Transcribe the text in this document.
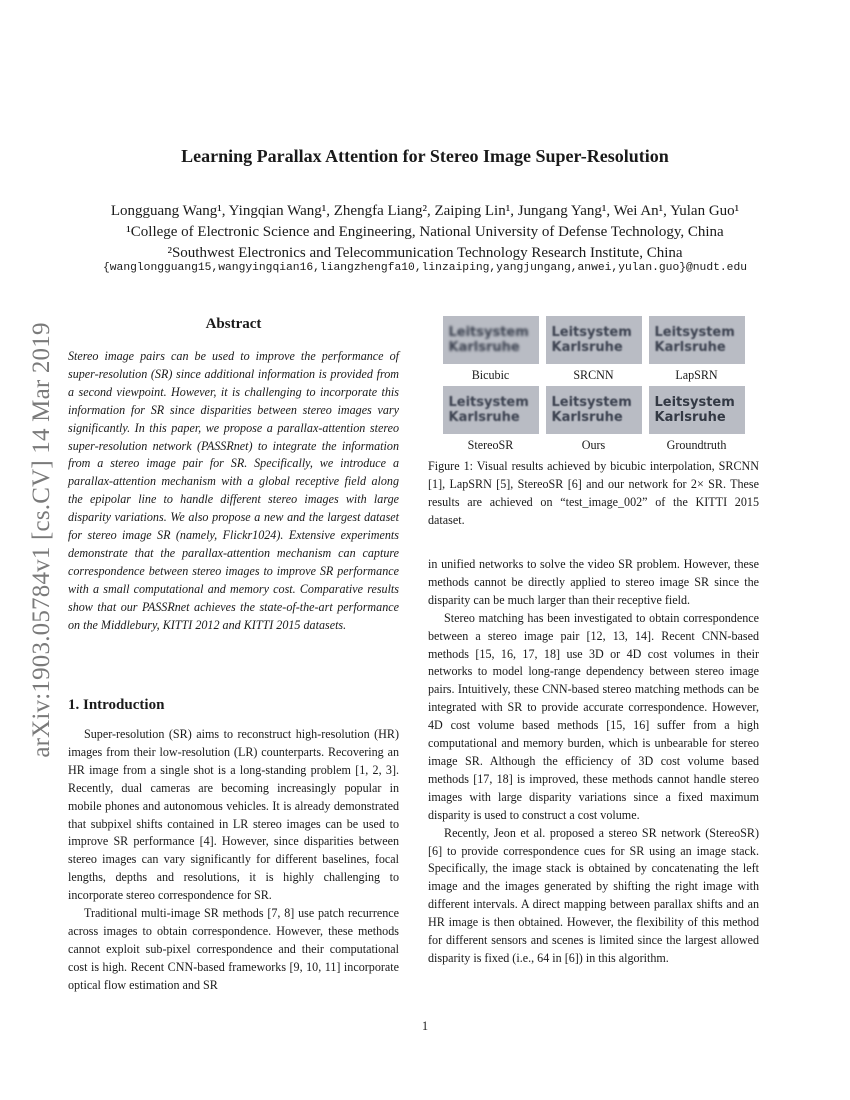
arXiv:1903.05784v1 [cs.CV] 14 Mar 2019
Learning Parallax Attention for Stereo Image Super-Resolution
Longguang Wang¹, Yingqian Wang¹, Zhengfa Liang², Zaiping Lin¹, Jungang Yang¹, Wei An¹, Yulan Guo¹
¹College of Electronic Science and Engineering, National University of Defense Technology, China
²Southwest Electronics and Telecommunication Technology Research Institute, China
{wanglongguang15,wangyingqian16,liangzhengfa10,linzaiping,yangjungang,anwei,yulan.guo}@nudt.edu
Abstract
Stereo image pairs can be used to improve the performance of super-resolution (SR) since additional information is provided from a second viewpoint. However, it is challenging to incorporate this information for SR since disparities between stereo images vary significantly. In this paper, we propose a parallax-attention stereo super-resolution network (PASSRnet) to integrate the information from a stereo image pair for SR. Specifically, we introduce a parallax-attention mechanism with a global receptive field along the epipolar line to handle different stereo images with large disparity variations. We also propose a new and the largest dataset for stereo image SR (namely, Flickr1024). Extensive experiments demonstrate that the parallax-attention mechanism can capture correspondence between stereo images to improve SR performance with a small computational and memory cost. Comparative results show that our PASSRnet achieves the state-of-the-art performance on the Middlebury, KITTI 2012 and KITTI 2015 datasets.
1. Introduction

Super-resolution (SR) aims to reconstruct high-resolution (HR) images from their low-resolution (LR) counterparts. Recovering an HR image from a single shot is a long-standing problem [1, 2, 3]. Recently, dual cameras are becoming increasingly popular in mobile phones and autonomous vehicles. It is already demonstrated that subpixel shifts contained in LR stereo images can be used to improve SR performance [4]. However, since disparities between stereo images can vary significantly for different baselines, focal lengths, depths and resolutions, it is highly challenging to incorporate stereo correspondence for SR.

Traditional multi-image SR methods [7, 8] use patch recurrence across images to obtain correspondence. However, these methods cannot exploit sub-pixel correspondence and their computational cost is high. Recent CNN-based frameworks [9, 10, 11] incorporate optical flow estimation and SR

Leitsystem
Karlsruhe
Bicubic
Leitsystem
Karlsruhe
SRCNN
Leitsystem
Karlsruhe
LapSRN
Leitsystem
Karlsruhe
StereoSR
Leitsystem
Karlsruhe
Ours
Leitsystem
Karlsruhe
Groundtruth
Figure 1: Visual results achieved by bicubic interpolation, SRCNN [1], LapSRN [5], StereoSR [6] and our network for 2× SR. These results are achieved on “test_image_002” of the KITTI 2015 dataset.

in unified networks to solve the video SR problem. However, these methods cannot be directly applied to stereo image SR since the disparity can be much larger than their receptive field.

Stereo matching has been investigated to obtain correspondence between a stereo image pair [12, 13, 14]. Recent CNN-based methods [15, 16, 17, 18] use 3D or 4D cost volumes in their networks to model long-range dependency between stereo image pairs. Intuitively, these CNN-based stereo matching methods can be integrated with SR to provide accurate correspondence. However, 4D cost volume based methods [15, 16] suffer from a high computational and memory burden, which is unbearable for stereo image SR. Although the efficiency of 3D cost volume based methods [17, 18] is improved, these methods cannot handle stereo images with large disparity variations since a fixed maximum disparity is used to construct a cost volume.

Recently, Jeon et al. proposed a stereo SR network (StereoSR) [6] to provide correspondence cues for SR using an image stack. Specifically, the image stack is obtained by concatenating the left image and the images generated by shifting the right image with different intervals. A direct mapping between parallax shifts and an HR image is then obtained. However, the flexibility of this method for different sensors and scenes is limited since the largest allowed disparity is fixed (i.e., 64 in [6]) in this algorithm.

1
